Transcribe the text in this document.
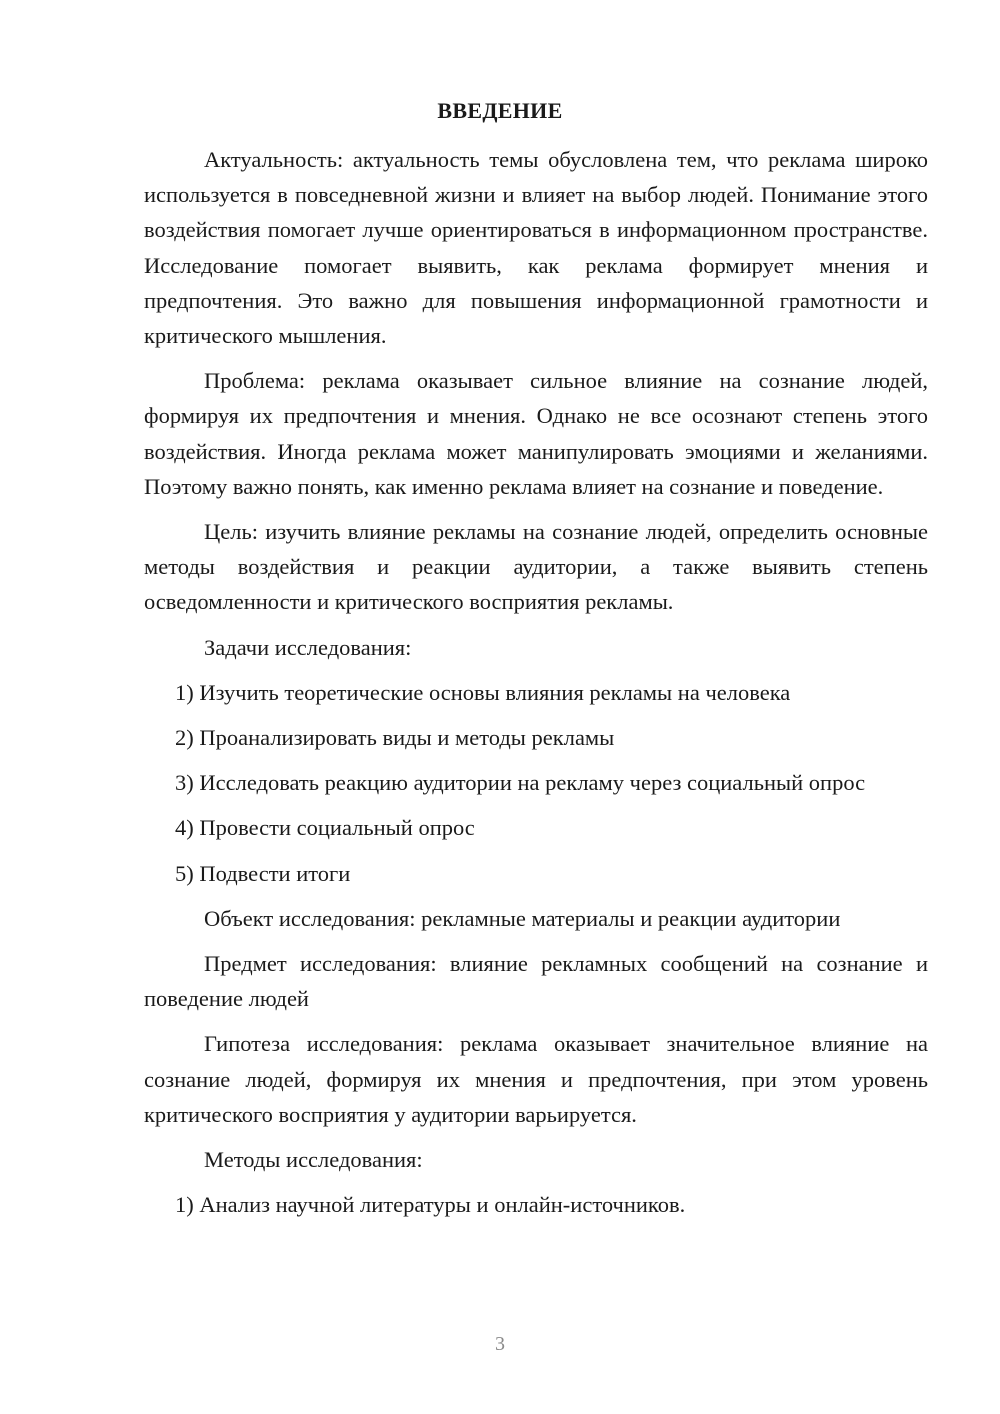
ВВЕДЕНИЕ

Актуальность: актуальность темы обусловлена тем, что реклама широко используется в повседневной жизни и влияет на выбор людей. Понимание этого воздействия помогает лучше ориентироваться в информационном пространстве. Исследование помогает выявить, как реклама формирует мнения и предпочтения. Это важно для повышения информационной грамотности и критического мышления.

Проблема: реклама оказывает сильное влияние на сознание людей, формируя их предпочтения и мнения. Однако не все осознают степень этого воздействия. Иногда реклама может манипулировать эмоциями и желаниями. Поэтому важно понять, как именно реклама влияет на сознание и поведение.

Цель: изучить влияние рекламы на сознание людей, определить основные методы воздействия и реакции аудитории, а также выявить степень осведомленности и критического восприятия рекламы.

Задачи исследования:

1) Изучить теоретические основы влияния рекламы на человека

2) Проанализировать виды и методы рекламы

3) Исследовать реакцию аудитории на рекламу через социальный опрос

4) Провести социальный опрос

5) Подвести итоги

Объект исследования: рекламные материалы и реакции аудитории

Предмет исследования: влияние рекламных сообщений на сознание и поведение людей

Гипотеза исследования: реклама оказывает значительное влияние на сознание людей, формируя их мнения и предпочтения, при этом уровень критического восприятия у аудитории варьируется.

Методы исследования:

1) Анализ научной литературы и онлайн-источников.

3
